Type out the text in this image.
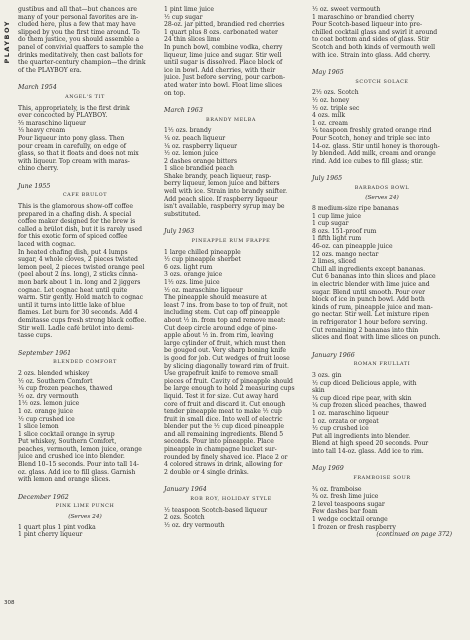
PLAYBOY
308
gustibus and all that—but chances are
many of your personal favorites are in-
cluded here, plus a few that may have
slipped by you the first time around. To
do them justice, you should assemble a
panel of convivial quaffers to sample the
drinks meditatively, then cast ballots for
the quarter-century champion—the drink
of the PLAYBOY era.
March 1954
ANGEL'S TIT
This, appropriately, is the first drink
ever concocted by PLAYBOY.
⅔ maraschino liqueur
⅓ heavy cream
Pour liqueur into pony glass. Then
pour cream in carefully, on edge of
glass, so that it floats and does not mix
with liqueur. Top cream with maras-
chino cherry.
June 1955
CAFE BRULOT
This is the glamorous show-off coffee
prepared in a chafing dish. A special
coffee maker designed for the brew is
called a brûlot dish, but it is rarely used
for this exotic form of spiced coffee
laced with cognac.
In heated chafing dish, put 4 lumps
sugar, 4 whole cloves, 2 pieces twisted
lemon peel, 2 pieces twisted orange peel
(peel about 2 ins. long), 2 sticks cinna-
mon bark about 1 in. long and 2 jiggers
cognac. Let cognac heat until quite
warm. Stir gently. Hold match to cognac
until it turns into little lake of blue
flames. Let burn for 30 seconds. Add 4
demitasse cups fresh strong black coffee.
Stir well. Ladle café brûlot into demi-
tasse cups.
September 1961
BLENDED COMFORT
2 ozs. blended whiskey
½ oz. Southern Comfort
¼ cup frozen peaches, thawed
½ oz. dry vermouth
1½ ozs. lemon juice
1 oz. orange juice
½ cup crushed ice
1 slice lemon
1 slice cocktail orange in syrup
Put whiskey, Southern Comfort,
peaches, vermouth, lemon juice, orange
juice and crushed ice into blender.
Blend 10–15 seconds. Pour into tall 14-
oz. glass. Add ice to fill glass. Garnish
with lemon and orange slices.
December 1962
PINK LIME PUNCH
(Serves 24)
1 quart plus 1 pint vodka
1 pint cherry liqueur
1 pint lime juice
½ cup sugar
28-oz. jar pitted, brandied red cherries
1 quart plus 8 ozs. carbonated water
24 thin slices lime
In punch bowl, combine vodka, cherry
liqueur, lime juice and sugar. Stir well
until sugar is dissolved. Place block of
ice in bowl. Add cherries, with their
juice. Just before serving, pour carbon-
ated water into bowl. Float lime slices
on top.
March 1963
BRANDY MELBA
1½ ozs. brandy
¼ oz. peach liqueur
¼ oz. raspberry liqueur
½ oz. lemon juice
2 dashes orange bitters
1 slice brandied peach
Shake brandy, peach liqueur, rasp-
berry liqueur, lemon juice and bitters
well with ice. Strain into brandy snifter.
Add peach slice. If raspberry liqueur
isn't available, raspberry syrup may be
substituted.
July 1963
PINEAPPLE RUM FRAPPE
1 large chilled pineapple
½ cup pineapple sherbet
6 ozs. light rum
3 ozs. orange juice
1½ ozs. lime juice
½ oz. maraschino liqueur
The pineapple should measure at
least 7 ins. from base to top of fruit, not
including stem. Cut cap off pineapple
about ½ in. from top and remove meat:
Cut deep circle around edge of pine-
apple about ½ in. from rim, leaving
large cylinder of fruit, which must then
be gouged out. Very sharp boning knife
is good for job. Cut wedges of fruit loose
by slicing diagonally toward rim of fruit.
Use grapefruit knife to remove small
pieces of fruit. Cavity of pineapple should
be large enough to hold 2 measuring cups
liquid. Test it for size. Cut away hard
core of fruit and discard it. Cut enough
tender pineapple meat to make ½ cup
fruit in small dice. Into well of electric
blender put the ½ cup diced pineapple
and all remaining ingredients. Blend 5
seconds. Pour into pineapple. Place
pineapple in champagne bucket sur-
rounded by finely shaved ice. Place 2 or
4 colored straws in drink, allowing for
2 double or 4 single drinks.
January 1964
ROB ROY, HOLIDAY STYLE
½ teaspoon Scotch-based liqueur
2 ozs. Scotch
½ oz. dry vermouth
½ oz. sweet vermouth
1 maraschino or brandied cherry
Pour Scotch-based liqueur into pre-
chilled cocktail glass and swirl it around
to coat bottom and sides of glass. Stir
Scotch and both kinds of vermouth well
with ice. Strain into glass. Add cherry.
May 1965
SCOTCH SOLACE
2½ ozs. Scotch
½ oz. honey
½ oz. triple sec
4 ozs. milk
1 oz. cream
¼ teaspoon freshly grated orange rind
Pour Scotch, honey and triple sec into
14-oz. glass. Stir until honey is thorough-
ly blended. Add milk, cream and orange
rind. Add ice cubes to fill glass; stir.
July 1965
BARBADOS BOWL
(Serves 24)
8 medium-size ripe bananas
1 cup lime juice
1 cup sugar
8 ozs. 151-proof rum
1 fifth light rum
46-oz. can pineapple juice
12 ozs. mango nectar
2 limes, sliced
Chill all ingredients except bananas.
Cut 6 bananas into thin slices and place
in electric blender with lime juice and
sugar. Blend until smooth. Pour over
block of ice in punch bowl. Add both
kinds of rum, pineapple juice and man-
go nectar. Stir well. Let mixture ripen
in refrigerator 1 hour before serving.
Cut remaining 2 bananas into thin
slices and float with lime slices on punch.
January 1966
ROMAN FRULLATI
3 ozs. gin
½ cup diced Delicious apple, with
skin
¼ cup diced ripe pear, with skin
¼ cup frozen sliced peaches, thawed
1 oz. maraschino liqueur
1 oz. orzata or orgeat
½ cup crushed ice
Put all ingredients into blender.
Blend at high speed 20 seconds. Pour
into tall 14-oz. glass. Add ice to rim.
May 1969
FRAMBOISE SOUR
¾ oz. framboise
¾ oz. fresh lime juice
2 level teaspoons sugar
Few dashes bar foam
1 wedge cocktail orange
1 frozen or fresh raspberry
(continued on page 372)
